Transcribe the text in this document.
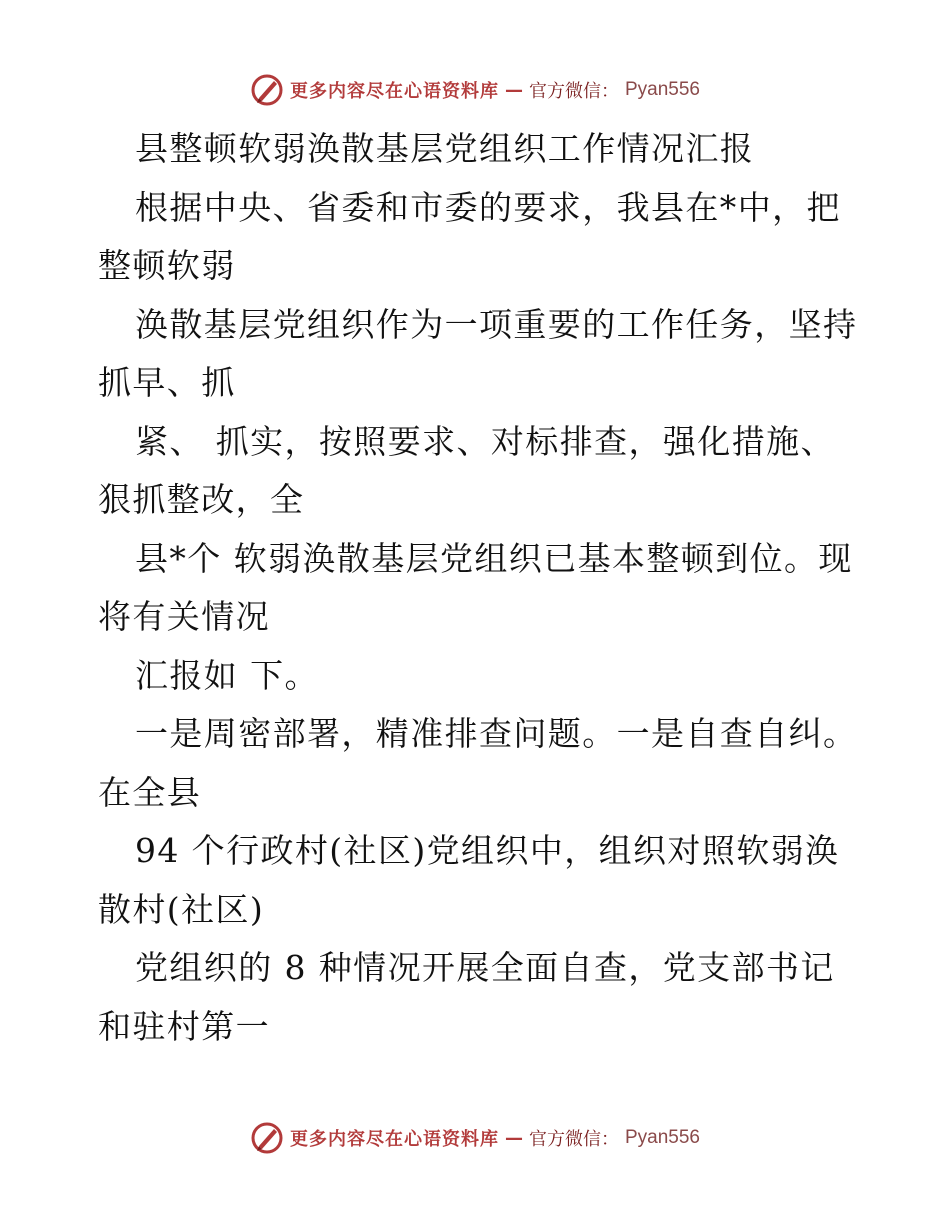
更多内容尽在心语资料库 — 官方微信： Pyan556
县整顿软弱涣散基层党组织工作情况汇报
根据中央、省委和市委的要求，我县在*中，把
整顿软弱
涣散基层党组织作为一项重要的工作任务，坚持
抓早、抓
紧、 抓实，按照要求、对标排查，强化措施、
狠抓整改，全
县*个 软弱涣散基层党组织已基本整顿到位。现
将有关情况
汇报如 下。
一是周密部署，精准排查问题。一是自查自纠。
在全县
94 个行政村(社区)党组织中，组织对照软弱涣
散村(社区)
党组织的 8 种情况开展全面自查，党支部书记
和驻村第一
更多内容尽在心语资料库 — 官方微信： Pyan556
